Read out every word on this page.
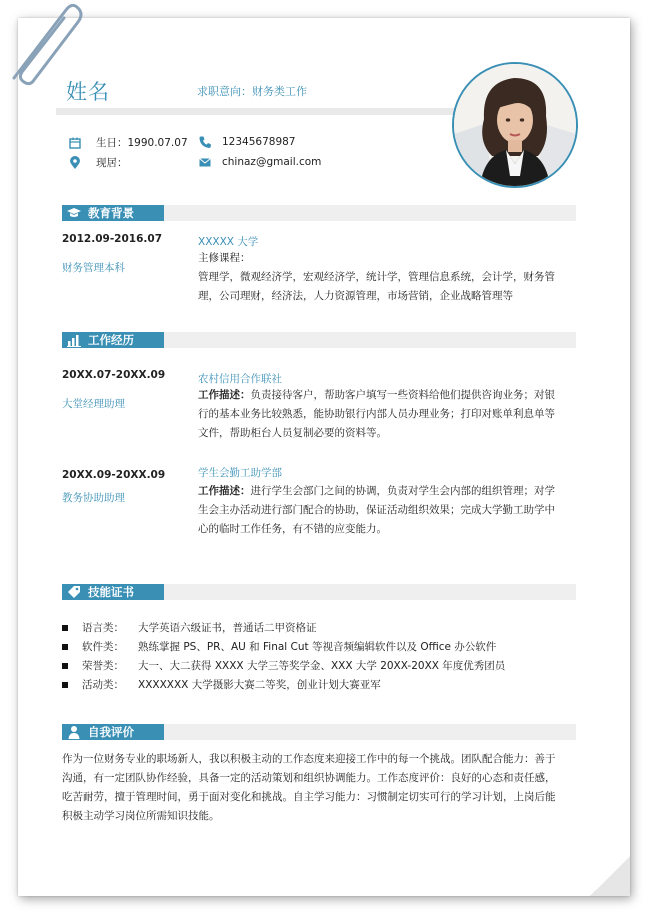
姓名	求职意向：财务类工作
生日：1990.07.07
现居：
12345678987
chinaz@gmail.com
教育背景
2012.09-2016.07
财务管理本科
XXXXX 大学
主修课程：
管理学，微观经济学，宏观经济学，统计学，管理信息系统，会计学，财务管
理，公司理财，经济法，人力资源管理，市场营销，企业战略管理等
工作经历
20XX.07-20XX.09
大堂经理助理
农村信用合作联社
工作描述：负责接待客户，帮助客户填写一些资料给他们提供咨询业务；对银
行的基本业务比较熟悉，能协助银行内部人员办理业务；打印对账单利息单等
文件，帮助柜台人员复制必要的资料等。
20XX.09-20XX.09
教务协助助理
学生会勤工助学部
工作描述：进行学生会部门之间的协调，负责对学生会内部的组织管理；对学
生会主办活动进行部门配合的协助，保证活动组织效果；完成大学勤工助学中
心的临时工作任务，有不错的应变能力。
技能证书
语言类：	大学英语六级证书，普通话二甲资格证
软件类：	熟练掌握 PS、PR、AU 和 Final Cut 等视音频编辑软件以及 Office 办公软件
荣誉类：	大一、大二获得 XXXX 大学三等奖学金、XXX 大学 20XX-20XX 年度优秀团员
活动类：	XXXXXXX 大学摄影大赛二等奖，创业计划大赛亚军
自我评价
作为一位财务专业的职场新人，我以积极主动的工作态度来迎接工作中的每一个挑战。团队配合能力：善于
沟通，有一定团队协作经验，具备一定的活动策划和组织协调能力。工作态度评价：良好的心态和责任感，
吃苦耐劳，擅于管理时间，勇于面对变化和挑战。自主学习能力：习惯制定切实可行的学习计划，上岗后能
积极主动学习岗位所需知识技能。
